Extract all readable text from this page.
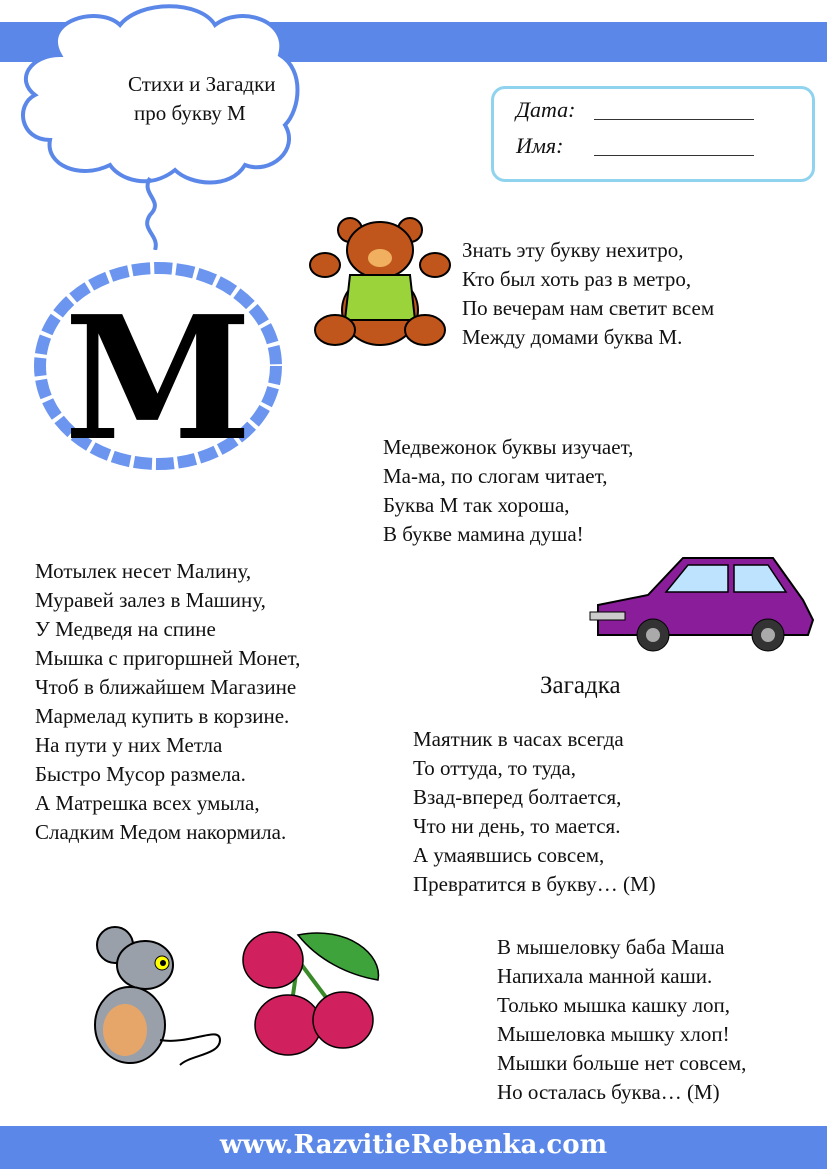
Стихи и Загадки
про букву М	Дата:
Имя:
М
Знать эту букву нехитро,
Кто был хоть раз в метро,
По вечерам нам светит всем
Между домами буква М.
Медвежонок буквы изучает,
Ма-ма, по слогам читает,
Буква М так хороша,
В букве мамина душа!
Мотылек несет Малину,
Муравей залез в Машину,
У Медведя на спине
Мышка с пригоршней Монет,
Чтоб в ближайшем Магазине
Мармелад купить в корзине.
На пути у них Метла
Быстро Мусор размела.
А Матрешка всех умыла,
Сладким Медом накормила.
Загадка
Маятник в часах всегда
То оттуда, то туда,
Взад-вперед болтается,
Что ни день, то мается.
А умаявшись совсем,
Превратится в букву… (М)
В мышеловку баба Маша
Напихала манной каши.
Только мышка кашку лоп,
Мышеловка мышку хлоп!
Мышки больше нет совсем,
Но осталась буква… (М)
www.RazvitieRebenka.com
